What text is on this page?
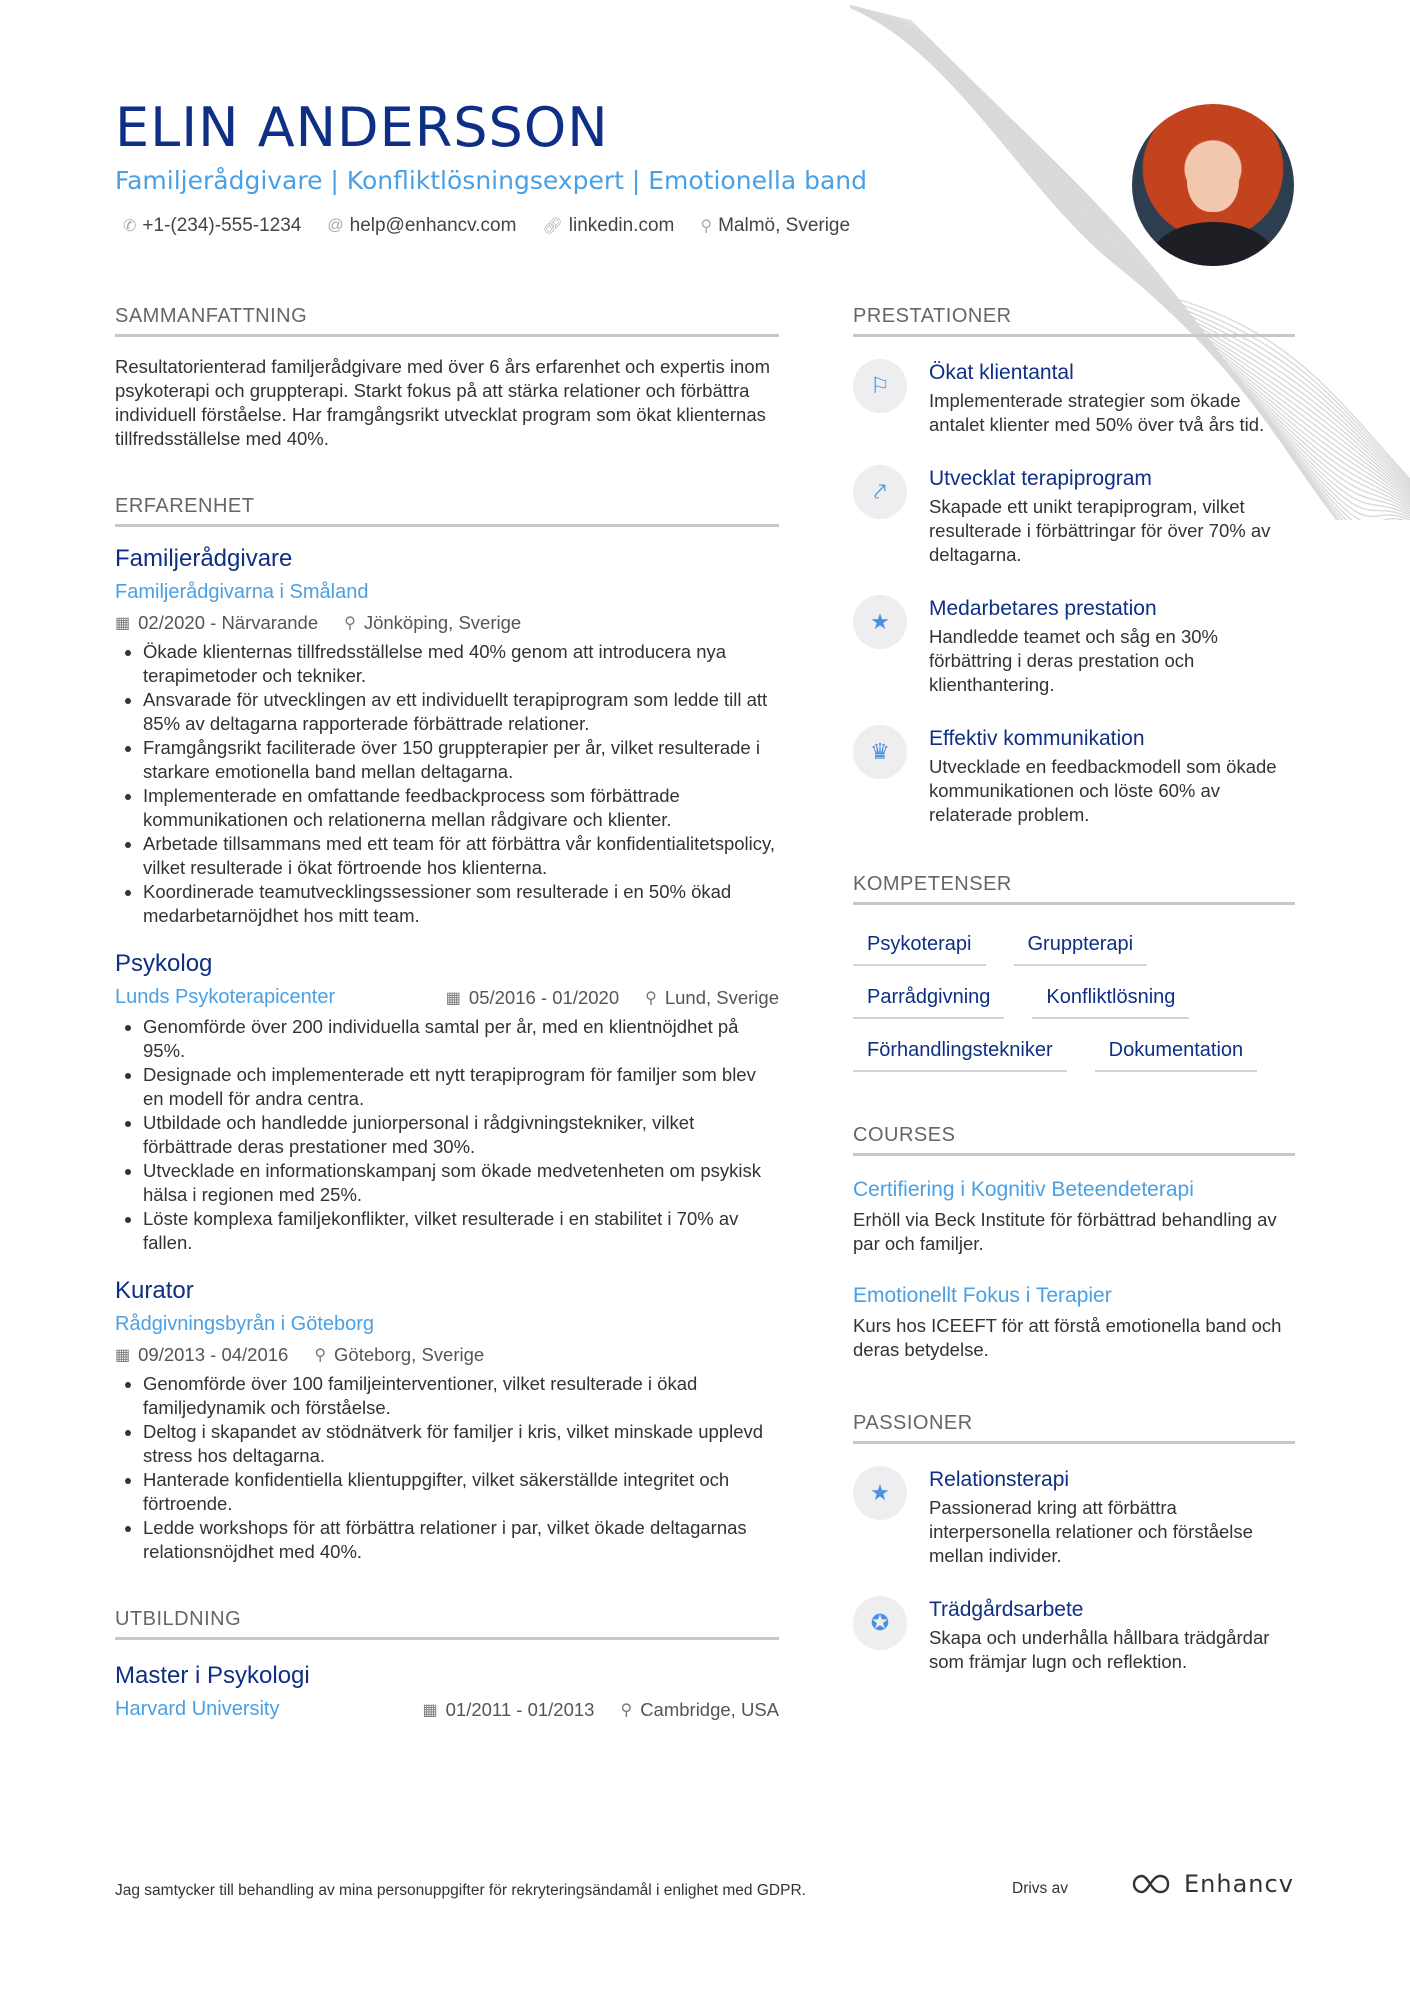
ELIN ANDERSSON
Familjerådgivare | Konfliktlösningsexpert | Emotionella band
✆ +1-(234)-555-1234 @ help@enhancv.com 🔗︎ linkedin.com ⚲ Malmö, Sverige
SAMMANFATTNING
Resultatorienterad familjerådgivare med över 6 års erfarenhet och expertis inom psykoterapi och gruppterapi. Starkt fokus på att stärka relationer och förbättra individuell förståelse. Har framgångsrikt utvecklat program som ökat klienternas tillfredsställelse med 40%.
ERFARENHET
Familjerådgivare
Familjerådgivarna i Småland
▦ 02/2020 - Närvarande ⚲ Jönköping, Sverige
• Ökade klienternas tillfredsställelse med 40% genom att introducera nya terapimetoder och tekniker.
• Ansvarade för utvecklingen av ett individuellt terapiprogram som ledde till att 85% av deltagarna rapporterade förbättrade relationer.
• Framgångsrikt faciliterade över 150 gruppterapier per år, vilket resulterade i starkare emotionella band mellan deltagarna.
• Implementerade en omfattande feedbackprocess som förbättrade kommunikationen och relationerna mellan rådgivare och klienter.
• Arbetade tillsammans med ett team för att förbättra vår konfidentialitetspolicy, vilket resulterade i ökat förtroende hos klienterna.
• Koordinerade teamutvecklingssessioner som resulterade i en 50% ökad medarbetarnöjdhet hos mitt team.
Psykolog
Lunds Psykoterapicenter	▦ 05/2016 - 01/2020 ⚲ Lund, Sverige
• Genomförde över 200 individuella samtal per år, med en klientnöjdhet på 95%.
• Designade och implementerade ett nytt terapiprogram för familjer som blev en modell för andra centra.
• Utbildade och handledde juniorpersonal i rådgivningstekniker, vilket förbättrade deras prestationer med 30%.
• Utvecklade en informationskampanj som ökade medvetenheten om psykisk hälsa i regionen med 25%.
• Löste komplexa familjekonflikter, vilket resulterade i en stabilitet i 70% av fallen.
Kurator
Rådgivningsbyrån i Göteborg
▦ 09/2013 - 04/2016 ⚲ Göteborg, Sverige
• Genomförde över 100 familjeinterventioner, vilket resulterade i ökad familjedynamik och förståelse.
• Deltog i skapandet av stödnätverk för familjer i kris, vilket minskade upplevd stress hos deltagarna.
• Hanterade konfidentiella klientuppgifter, vilket säkerställde integritet och förtroende.
• Ledde workshops för att förbättra relationer i par, vilket ökade deltagarnas relationsnöjdhet med 40%.
UTBILDNING
Master i Psykologi
Harvard University	▦ 01/2011 - 01/2013 ⚲ Cambridge, USA
PRESTATIONER
⚐
Ökat klientantal
Implementerade strategier som ökade antalet klienter med 50% över två års tid.
⤤
Utvecklat terapiprogram
Skapade ett unikt terapiprogram, vilket resulterade i förbättringar för över 70% av deltagarna.
★
Medarbetares prestation
Handledde teamet och såg en 30% förbättring i deras prestation och klienthantering.
♛
Effektiv kommunikation
Utvecklade en feedbackmodell som ökade kommunikationen och löste 60% av relaterade problem.
KOMPETENSER
Psykoterapi	Gruppterapi
Parrådgivning	Konfliktlösning
Förhandlingstekniker	Dokumentation
COURSES
Certifiering i Kognitiv Beteendeterapi
Erhöll via Beck Institute för förbättrad behandling av par och familjer.
Emotionellt Fokus i Terapier
Kurs hos ICEEFT för att förstå emotionella band och deras betydelse.
PASSIONER
★
Relationsterapi
Passionerad kring att förbättra interpersonella relationer och förståelse mellan individer.
✪
Trädgårdsarbete
Skapa och underhålla hållbara trädgårdar som främjar lugn och reflektion.
Jag samtycker till behandling av mina personuppgifter för rekryteringsändamål i enlighet med GDPR.	Drivs av	Enhancv
